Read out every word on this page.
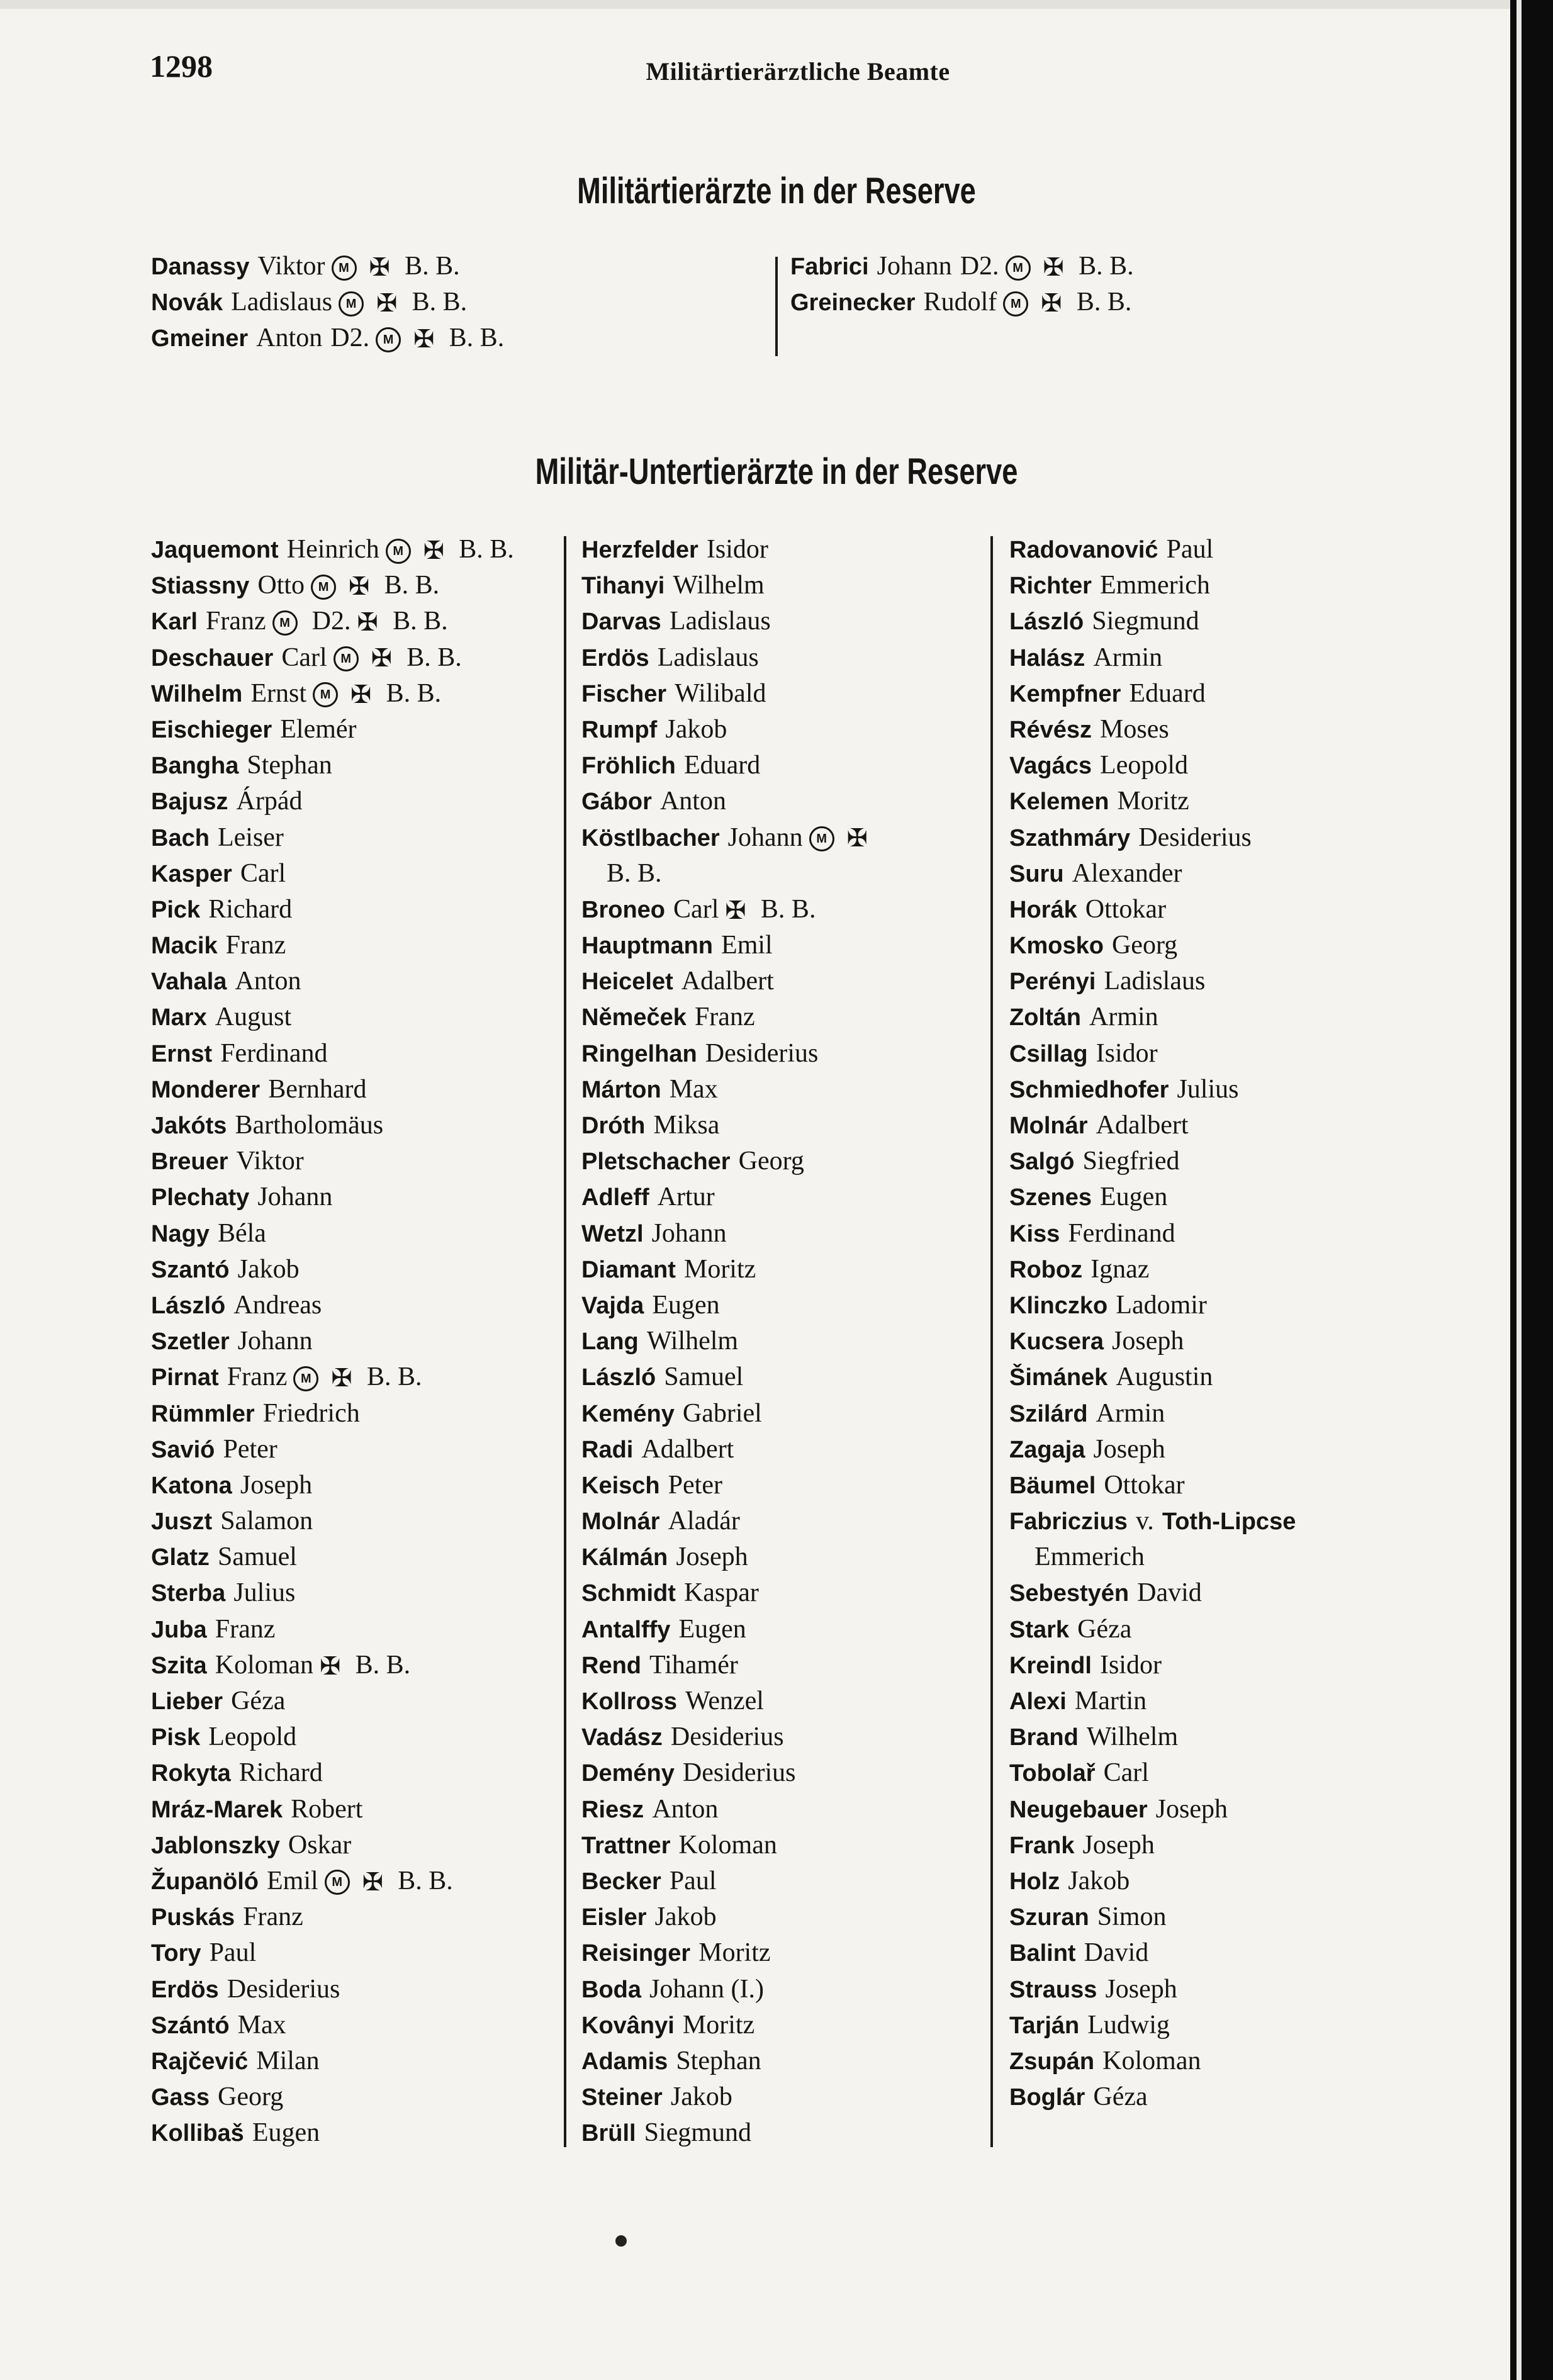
1298	Militärtierärztliche Beamte
Militärtierärzte in der Reserve
Danassy Viktor M ✠ B. B.
Novák Ladislaus M ✠ B. B.
Gmeiner Anton D2. M ✠ B. B.
Fabrici Johann D2. M ✠ B. B.
Greinecker Rudolf M ✠ B. B.
Militär-Untertierärzte in der Reserve
Jaquemont Heinrich M ✠ B. B.
Stiassny Otto M ✠ B. B.
Karl Franz M D2. ✠ B. B.
Deschauer Carl M ✠ B. B.
Wilhelm Ernst M ✠ B. B.
Eischieger Elemér
Bangha Stephan
Bajusz Árpád
Bach Leiser
Kasper Carl
Pick Richard
Macik Franz
Vahala Anton
Marx August
Ernst Ferdinand
Monderer Bernhard
Jakóts Bartholomäus
Breuer Viktor
Plechaty Johann
Nagy Béla
Szantó Jakob
László Andreas
Szetler Johann
Pirnat Franz M ✠ B. B.
Rümmler Friedrich
Savió Peter
Katona Joseph
Juszt Salamon
Glatz Samuel
Sterba Julius
Juba Franz
Szita Koloman ✠ B. B.
Lieber Géza
Pisk Leopold
Rokyta Richard
Mráz-Marek Robert
Jablonszky Oskar
Županöló Emil M ✠ B. B.
Puskás Franz
Tory Paul
Erdös Desiderius
Szántó Max
Rajčević Milan
Gass Georg
Kollibaš Eugen
Herzfelder Isidor
Tihanyi Wilhelm
Darvas Ladislaus
Erdös Ladislaus
Fischer Wilibald
Rumpf Jakob
Fröhlich Eduard
Gábor Anton
Köstlbacher Johann M ✠
B. B.
Broneo Carl ✠ B. B.
Hauptmann Emil
Heicelet Adalbert
Němeček Franz
Ringelhan Desiderius
Márton Max
Dróth Miksa
Pletschacher Georg
Adleff Artur
Wetzl Johann
Diamant Moritz
Vajda Eugen
Lang Wilhelm
László Samuel
Kemény Gabriel
Radi Adalbert
Keisch Peter
Molnár Aladár
Kálmán Joseph
Schmidt Kaspar
Antalffy Eugen
Rend Tihamér
Kollross Wenzel
Vadász Desiderius
Demény Desiderius
Riesz Anton
Trattner Koloman
Becker Paul
Eisler Jakob
Reisinger Moritz
Boda Johann (I.)
Kovânyi Moritz
Adamis Stephan
Steiner Jakob
Brüll Siegmund
Radovanović Paul
Richter Emmerich
László Siegmund
Halász Armin
Kempfner Eduard
Révész Moses
Vagács Leopold
Kelemen Moritz
Szathmáry Desiderius
Suru Alexander
Horák Ottokar
Kmosko Georg
Perényi Ladislaus
Zoltán Armin
Csillag Isidor
Schmiedhofer Julius
Molnár Adalbert
Salgó Siegfried
Szenes Eugen
Kiss Ferdinand
Roboz Ignaz
Klinczko Ladomir
Kucsera Joseph
Šimánek Augustin
Szilárd Armin
Zagaja Joseph
Bäumel Ottokar
Fabriczius v. Toth-Lipcse
Emmerich
Sebestyén David
Stark Géza
Kreindl Isidor
Alexi Martin
Brand Wilhelm
Tobolař Carl
Neugebauer Joseph
Frank Joseph
Holz Jakob
Szuran Simon
Balint David
Strauss Joseph
Tarján Ludwig
Zsupán Koloman
Boglár Géza
